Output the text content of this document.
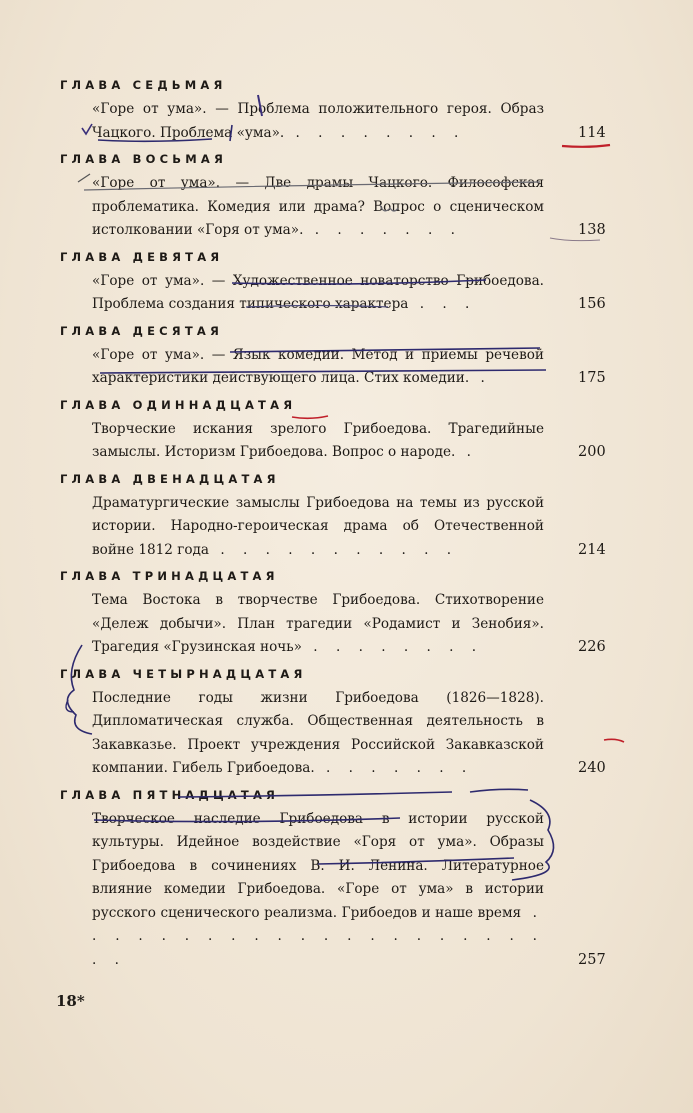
ГЛАВА СЕДЬМАЯ
«Горе от ума». — Проблема положительного героя. Образ Чацкого. Проблема «ума». . . . . . . . .	114
ГЛАВА ВОСЬМАЯ
«Горе от ума». — Две драмы Чацкого. Философская проблематика. Комедия или драма? Вопрос о сценическом истолковании «Горя от ума». . . . . . . .	138
ГЛАВА ДЕВЯТАЯ
«Горе от ума». — Художественное новаторство Грибоедова. Проблема создания типического характера . . .	156
ГЛАВА ДЕСЯТАЯ
«Горе от ума». — Язык комедии. Метод и приемы речевой характеристики действующего лица. Стих комедии. .	175
ГЛАВА ОДИННАДЦАТАЯ
Творческие искания зрелого Грибоедова. Трагедийные замыслы. Историзм Грибоедова. Вопрос о народе. .	200
ГЛАВА ДВЕНАДЦАТАЯ
Драматургические замыслы Грибоедова на темы из русской истории. Народно-героическая драма об Отечественной войне 1812 года . . . . . . . . . . .	214
ГЛАВА ТРИНАДЦАТАЯ
Тема Востока в творчестве Грибоедова. Стихотворение «Дележ добычи». План трагедии «Родамист и Зенобия». Трагедия «Грузинская ночь» . . . . . . . .	226
ГЛАВА ЧЕТЫРНАДЦАТАЯ
Последние годы жизни Грибоедова (1826—1828). Дипломатическая служба. Общественная деятельность в Закавказье. Проект учреждения Российской Закавказской компании. Гибель Грибоедова. . . . . . . .	240
ГЛАВА ПЯТНАДЦАТАЯ
Творческое наследие Грибоедова в истории русской культуры. Идейное воздействие «Горя от ума». Образы Грибоедова в сочинениях В. И. Ленина. Литературное влияние комедии Грибоедова. «Горе от ума» в истории русского сценического реализма. Грибоедов и наше время . . . . . . . . . . . . . . . . . . . . . . .	257
18*
